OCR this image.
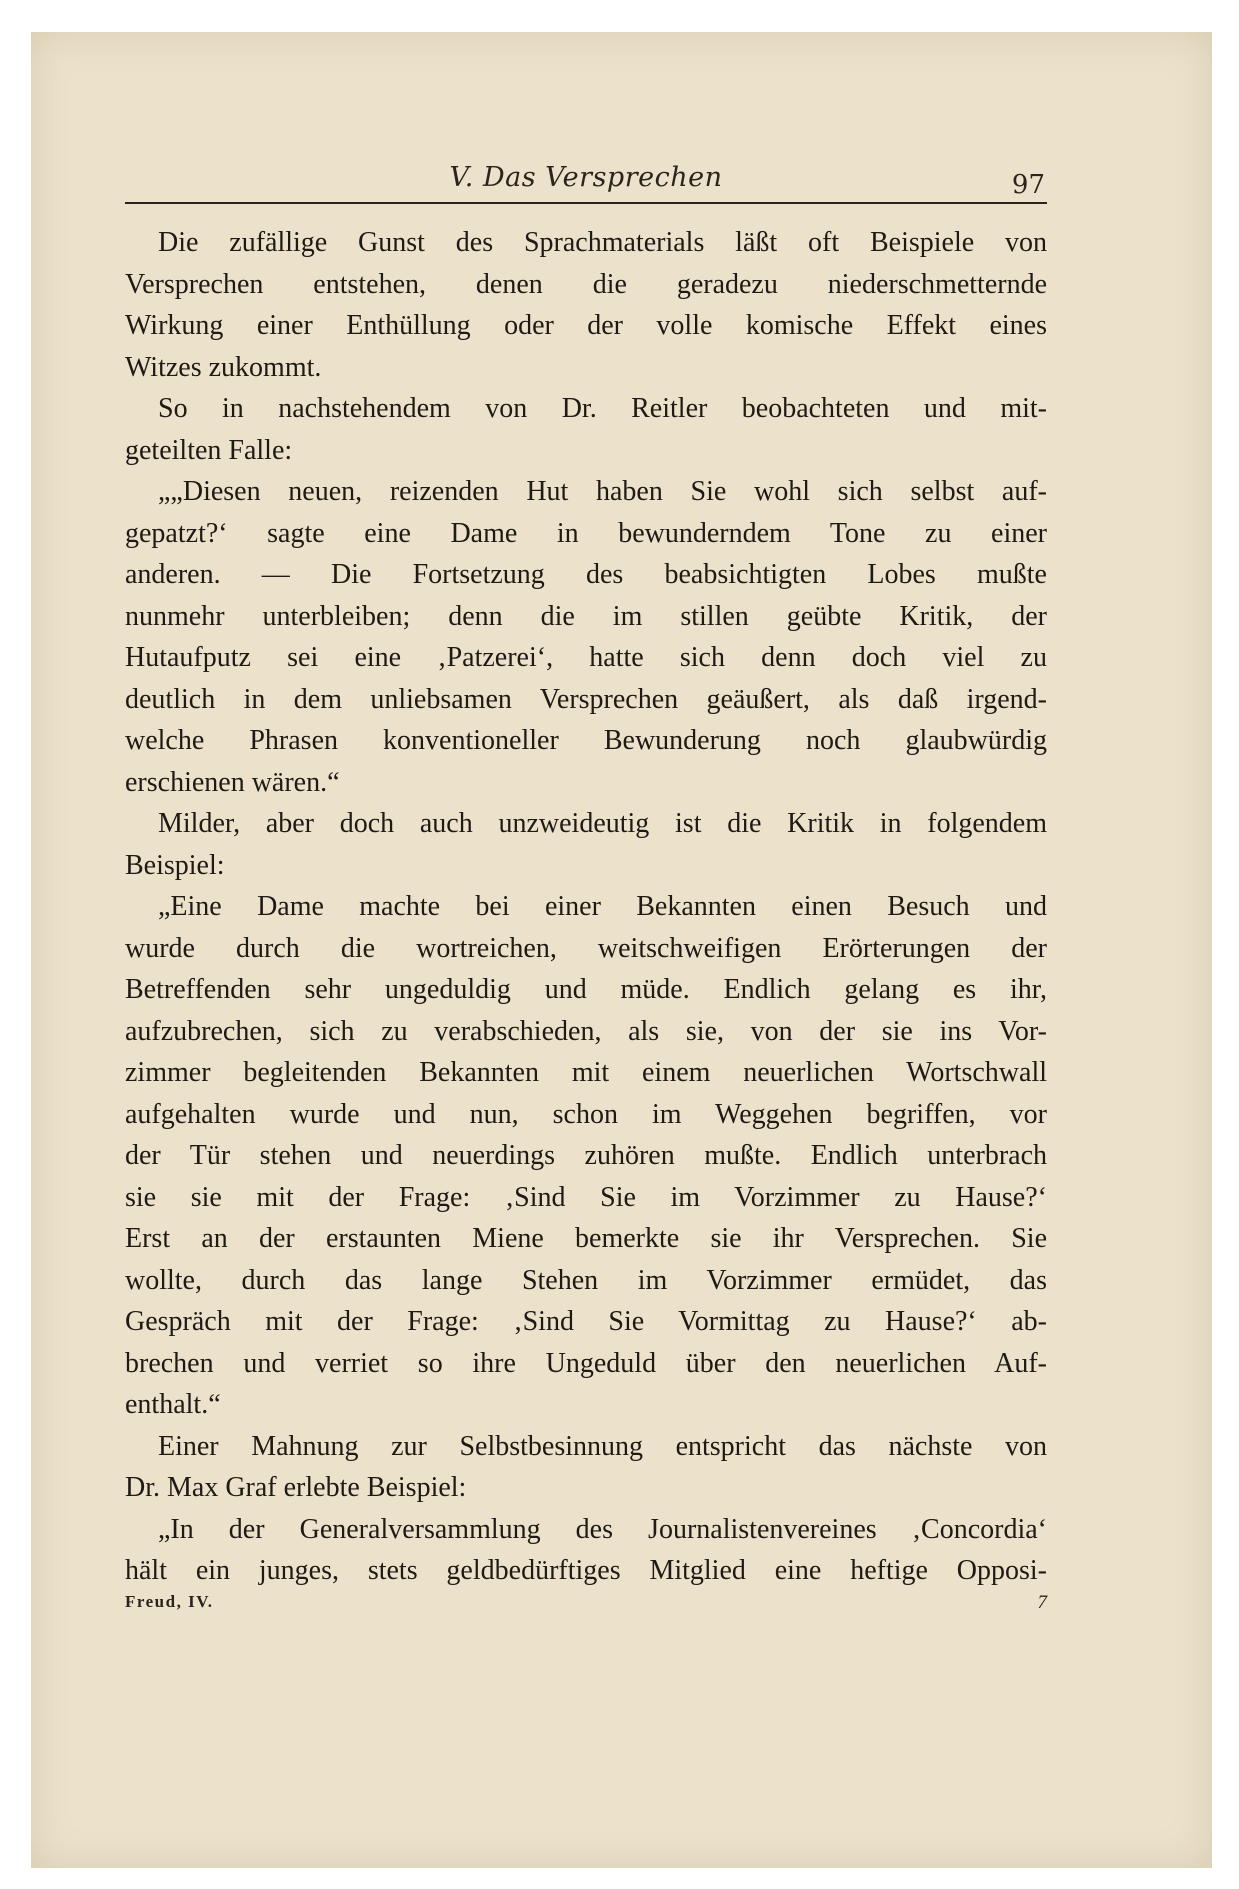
V. Das Versprechen	97
Die zufällige Gunst des Sprachmaterials läßt oft Beispiele von
Versprechen entstehen, denen die geradezu niederschmetternde
Wirkung einer Enthüllung oder der volle komische Effekt eines
Witzes zukommt.
So in nachstehendem von Dr. Reitler beobachteten und mit-
geteilten Falle:
„„Diesen neuen, reizenden Hut haben Sie wohl sich selbst auf-
gepatzt?‘ sagte eine Dame in bewunderndem Tone zu einer
anderen. — Die Fortsetzung des beabsichtigten Lobes mußte
nunmehr unterbleiben; denn die im stillen geübte Kritik, der
Hutaufputz sei eine ‚Patzerei‘, hatte sich denn doch viel zu
deutlich in dem unliebsamen Versprechen geäußert, als daß irgend-
welche Phrasen konventioneller Bewunderung noch glaubwürdig
erschienen wären.“
Milder, aber doch auch unzweideutig ist die Kritik in folgendem
Beispiel:
„Eine Dame machte bei einer Bekannten einen Besuch und
wurde durch die wortreichen, weitschweifigen Erörterungen der
Betreffenden sehr ungeduldig und müde. Endlich gelang es ihr,
aufzubrechen, sich zu verabschieden, als sie, von der sie ins Vor-
zimmer begleitenden Bekannten mit einem neuerlichen Wortschwall
aufgehalten wurde und nun, schon im Weggehen begriffen, vor
der Tür stehen und neuerdings zuhören mußte. Endlich unterbrach
sie sie mit der Frage: ‚Sind Sie im Vorzimmer zu Hause?‘
Erst an der erstaunten Miene bemerkte sie ihr Versprechen. Sie
wollte, durch das lange Stehen im Vorzimmer ermüdet, das
Gespräch mit der Frage: ‚Sind Sie Vormittag zu Hause?‘ ab-
brechen und verriet so ihre Ungeduld über den neuerlichen Auf-
enthalt.“
Einer Mahnung zur Selbstbesinnung entspricht das nächste von
Dr. Max Graf erlebte Beispiel:
„In der Generalversammlung des Journalistenvereines ‚Concordia‘
hält ein junges, stets geldbedürftiges Mitglied eine heftige Opposi-
Freud, IV.	7
